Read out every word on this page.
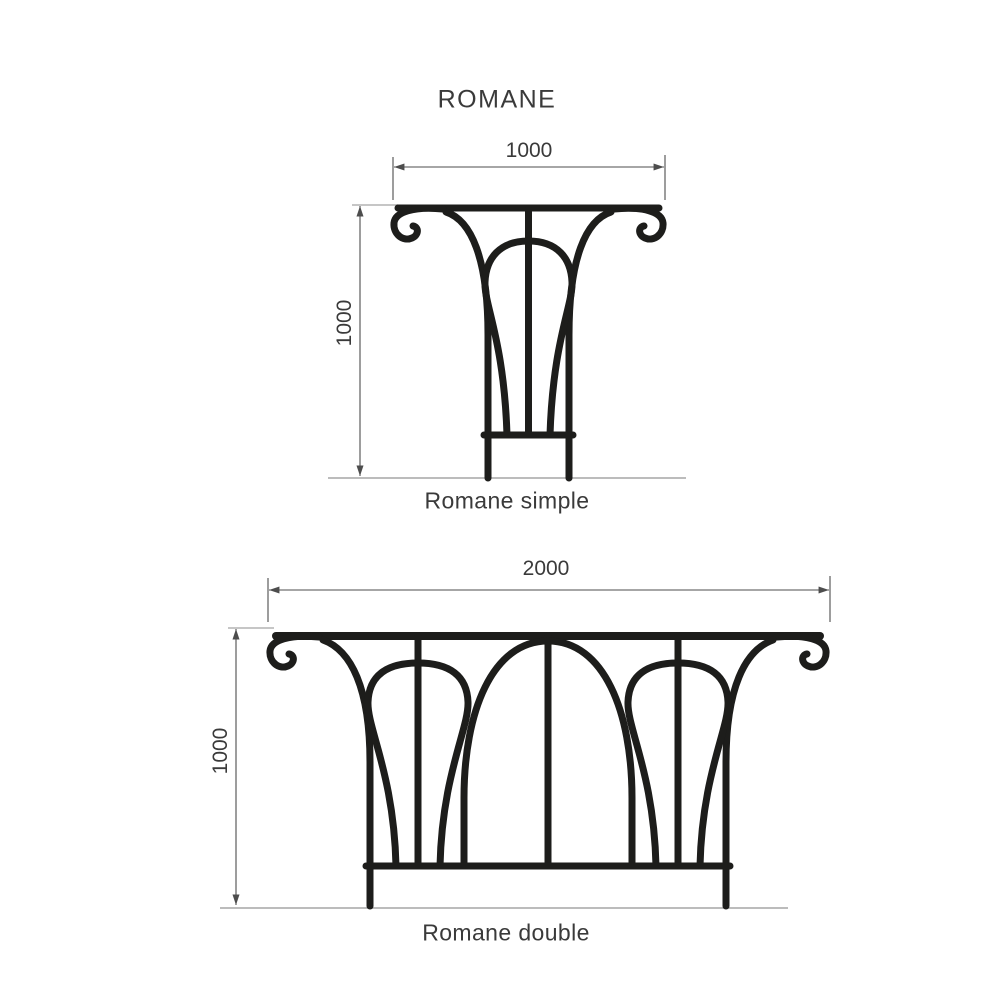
ROMANE
1000
1000
Romane simple
2000
1000
Romane double
